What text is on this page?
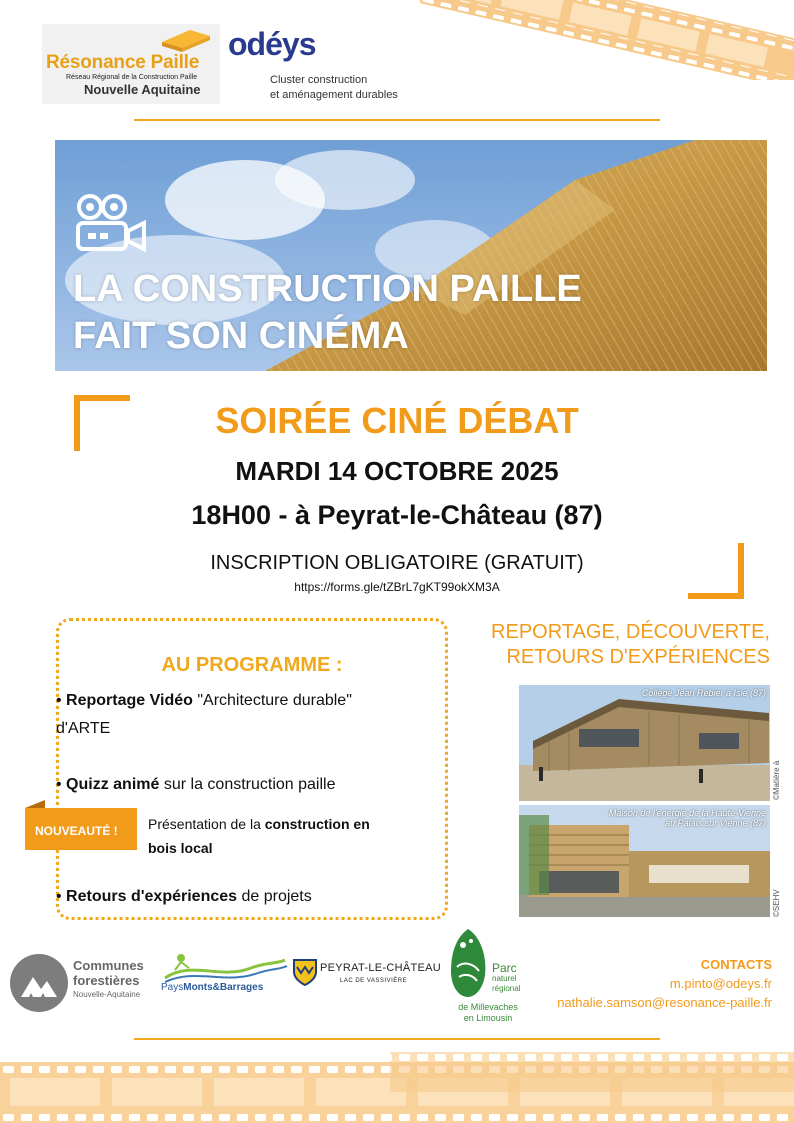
Résonance Paille
Réseau Régional de la Construction Paille
Nouvelle Aquitaine
odéys
Cluster construction
et aménagement durables
LA CONSTRUCTION PAILLE
FAIT SON CINÉMA
SOIRÉE CINÉ DÉBAT
MARDI 14 OCTOBRE 2025
18H00 - à Peyrat-le-Château (87)
INSCRIPTION OBLIGATOIRE (GRATUIT)
https://forms.gle/tZBrL7gKT99okXM3A
AU PROGRAMME :
• Reportage Vidéo "Architecture durable"
d'ARTE
• Quizz animé sur la construction paille
NOUVEAUTÉ !	Présentation de la construction en
bois local
• Retours d'expériences de projets
REPORTAGE, DÉCOUVERTE,
RETOURS D'EXPÉRIENCES
Collège Jean Rebier à Isle (87)
©Matière à
Maison de l'énergie de la Haute-Vienne
au Palais sur Vienne (87)
©SEHV
Communes
forestières
Nouvelle-Aquitaine
PaysMonts&Barrages
PEYRAT-LE-CHÂTEAU
LAC DE VASSIVIÈRE
Parc
naturel
régional
de Millevaches
en Limousin
CONTACTS
m.pinto@odeys.fr
nathalie.samson@resonance-paille.fr
